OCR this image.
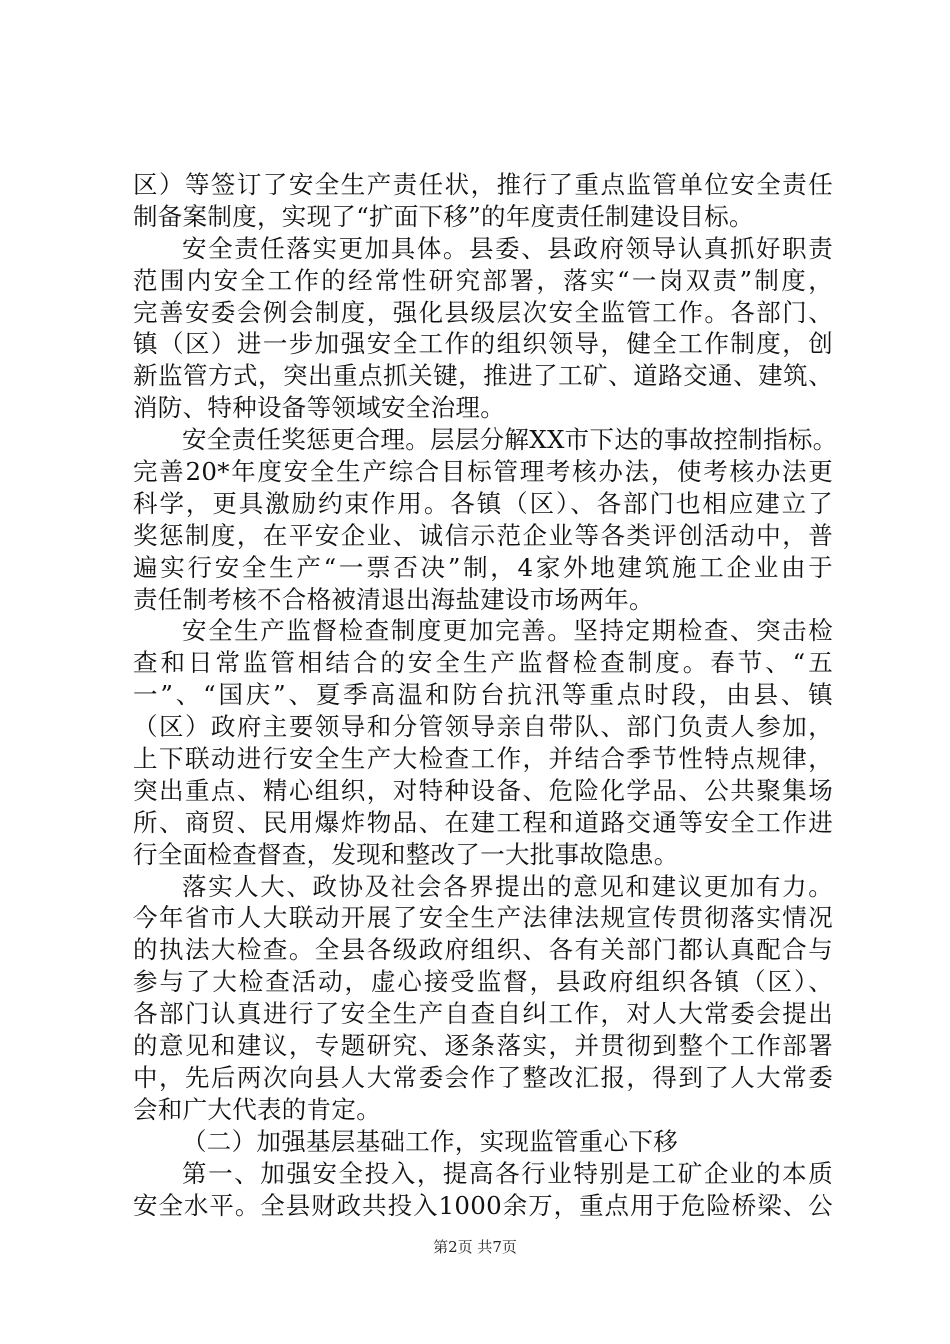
区）等签订了安全生产责任状，推行了重点监管单位安全责任
制备案制度，实现了“扩面下移”的年度责任制建设目标。
安全责任落实更加具体。县委、县政府领导认真抓好职责
范围内安全工作的经常性研究部署，落实“一岗双责”制度，
完善安委会例会制度，强化县级层次安全监管工作。各部门、
镇（区）进一步加强安全工作的组织领导，健全工作制度，创
新监管方式，突出重点抓关键，推进了工矿、道路交通、建筑、
消防、特种设备等领域安全治理。
安全责任奖惩更合理。层层分解XX市下达的事故控制指标。
完善20*年度安全生产综合目标管理考核办法，使考核办法更
科学，更具激励约束作用。各镇（区）、各部门也相应建立了
奖惩制度，在平安企业、诚信示范企业等各类评创活动中，普
遍实行安全生产“一票否决”制，4家外地建筑施工企业由于
责任制考核不合格被清退出海盐建设市场两年。
安全生产监督检查制度更加完善。坚持定期检查、突击检
查和日常监管相结合的安全生产监督检查制度。春节、“五
一”、“国庆”、夏季高温和防台抗汛等重点时段，由县、镇
（区）政府主要领导和分管领导亲自带队、部门负责人参加，
上下联动进行安全生产大检查工作，并结合季节性特点规律，
突出重点、精心组织，对特种设备、危险化学品、公共聚集场
所、商贸、民用爆炸物品、在建工程和道路交通等安全工作进
行全面检查督查，发现和整改了一大批事故隐患。
落实人大、政协及社会各界提出的意见和建议更加有力。
今年省市人大联动开展了安全生产法律法规宣传贯彻落实情况
的执法大检查。全县各级政府组织、各有关部门都认真配合与
参与了大检查活动，虚心接受监督，县政府组织各镇（区）、
各部门认真进行了安全生产自查自纠工作，对人大常委会提出
的意见和建议，专题研究、逐条落实，并贯彻到整个工作部署
中，先后两次向县人大常委会作了整改汇报，得到了人大常委
会和广大代表的肯定。
（二）加强基层基础工作，实现监管重心下移
第一、加强安全投入，提高各行业特别是工矿企业的本质
安全水平。全县财政共投入1000余万，重点用于危险桥梁、公
第2页 共7页
